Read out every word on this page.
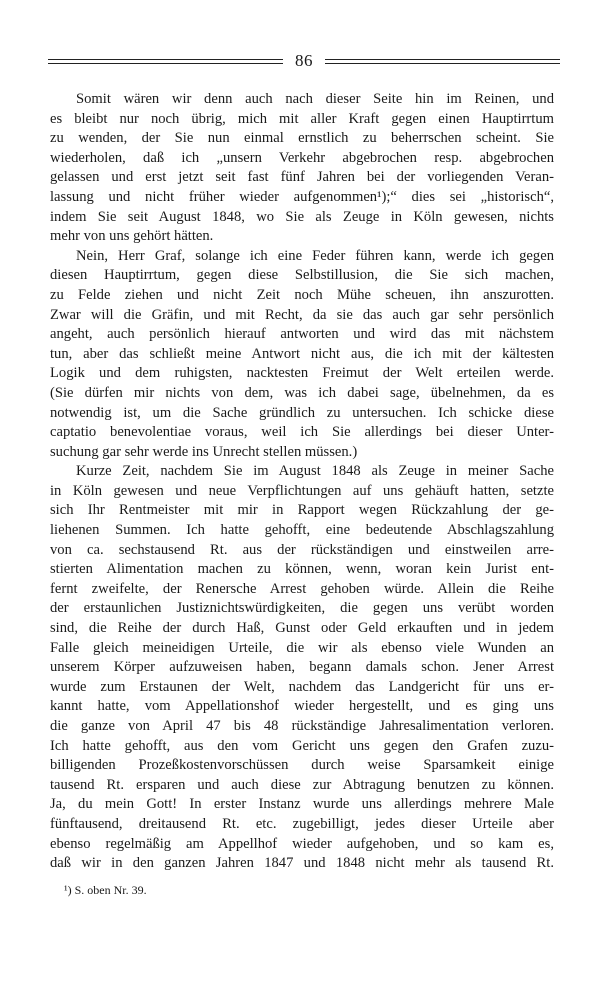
86

Somit wären wir denn auch nach dieser Seite hin im Reinen, und
es bleibt nur noch übrig, mich mit aller Kraft gegen einen Hauptirrtum
zu wenden, der Sie nun einmal ernstlich zu beherrschen scheint. Sie
wiederholen, daß ich „unsern Verkehr abgebrochen resp. abgebrochen
gelassen und erst jetzt seit fast fünf Jahren bei der vorliegenden Veran-
lassung und nicht früher wieder aufgenommen¹);“ dies sei „historisch“,
indem Sie seit August 1848, wo Sie als Zeuge in Köln gewesen, nichts
mehr von uns gehört hätten.

Nein, Herr Graf, solange ich eine Feder führen kann, werde ich gegen
diesen Hauptirrtum, gegen diese Selbstillusion, die Sie sich machen,
zu Felde ziehen und nicht Zeit noch Mühe scheuen, ihn anszurotten.
Zwar will die Gräfin, und mit Recht, da sie das auch gar sehr persönlich
angeht, auch persönlich hierauf antworten und wird das mit nächstem
tun, aber das schließt meine Antwort nicht aus, die ich mit der kältesten
Logik und dem ruhigsten, nacktesten Freimut der Welt erteilen werde.
(Sie dürfen mir nichts von dem, was ich dabei sage, übelnehmen, da es
notwendig ist, um die Sache gründlich zu untersuchen. Ich schicke diese
captatio benevolentiae voraus, weil ich Sie allerdings bei dieser Unter-
suchung gar sehr werde ins Unrecht stellen müssen.)

Kurze Zeit, nachdem Sie im August 1848 als Zeuge in meiner Sache
in Köln gewesen und neue Verpflichtungen auf uns gehäuft hatten, setzte
sich Ihr Rentmeister mit mir in Rapport wegen Rückzahlung der ge-
liehenen Summen. Ich hatte gehofft, eine bedeutende Abschlagszahlung
von ca. sechstausend Rt. aus der rückständigen und einstweilen arre-
stierten Alimentation machen zu können, wenn, woran kein Jurist ent-
fernt zweifelte, der Renersche Arrest gehoben würde. Allein die Reihe
der erstaunlichen Justiznichtswürdigkeiten, die gegen uns verübt worden
sind, die Reihe der durch Haß, Gunst oder Geld erkauften und in jedem
Falle gleich meineidigen Urteile, die wir als ebenso viele Wunden an
unserem Körper aufzuweisen haben, begann damals schon. Jener Arrest
wurde zum Erstaunen der Welt, nachdem das Landgericht für uns er-
kannt hatte, vom Appellationshof wieder hergestellt, und es ging uns
die ganze von April 47 bis 48 rückständige Jahresalimentation verloren.
Ich hatte gehofft, aus den vom Gericht uns gegen den Grafen zuzu-
billigenden Prozeßkostenvorschüssen durch weise Sparsamkeit einige
tausend Rt. ersparen und auch diese zur Abtragung benutzen zu können.
Ja, du mein Gott! In erster Instanz wurde uns allerdings mehrere Male
fünftausend, dreitausend Rt. etc. zugebilligt, jedes dieser Urteile aber
ebenso regelmäßig am Appellhof wieder aufgehoben, und so kam es,
daß wir in den ganzen Jahren 1847 und 1848 nicht mehr als tausend Rt.

¹) S. oben Nr. 39.
